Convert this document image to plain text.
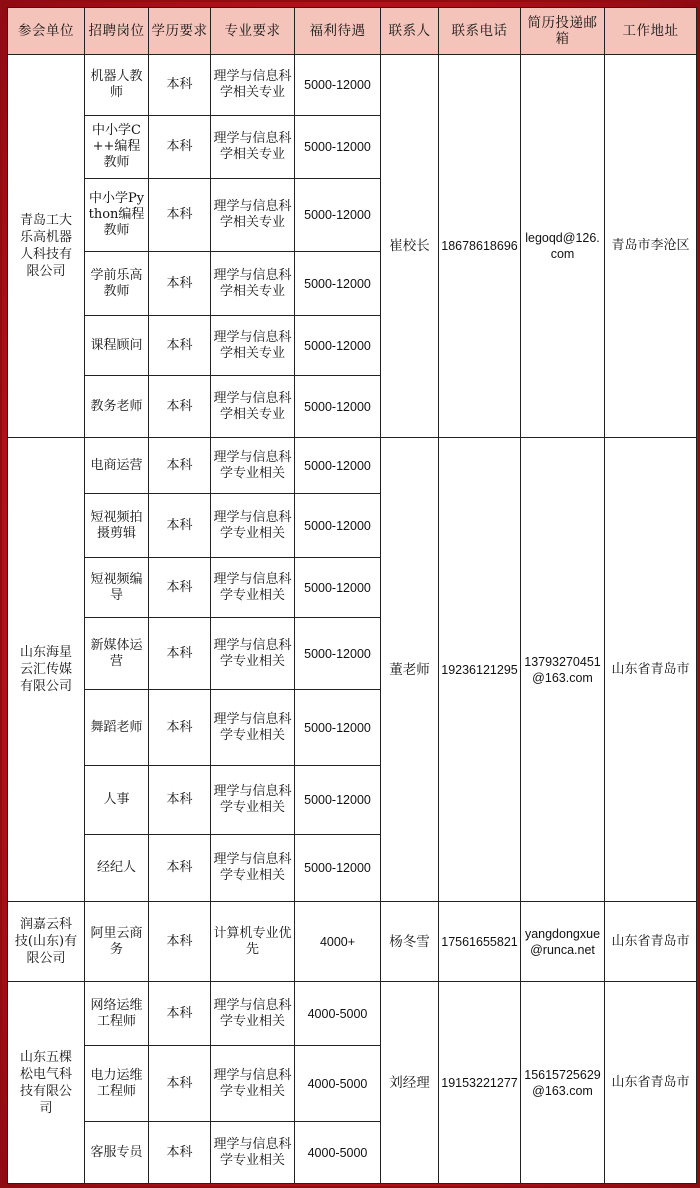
参会单位	招聘岗位	学历要求	专业要求	福利待遇	联系人	联系电话	简历投递邮箱	工作地址
青岛工大乐高机器人科技有限公司	机器人教师	本科	理学与信息科学相关专业	5000-12000	崔校长	18678618696	legoqd@126.com	青岛市李沧区
	中小学C++编程教师	本科	理学与信息科学相关专业	5000-12000				
	中小学Python编程教师	本科	理学与信息科学相关专业	5000-12000				
	学前乐高教师	本科	理学与信息科学相关专业	5000-12000				
	课程顾问	本科	理学与信息科学相关专业	5000-12000				
	教务老师	本科	理学与信息科学相关专业	5000-12000				
山东海星云汇传媒有限公司	电商运营	本科	理学与信息科学专业相关	5000-12000	董老师	19236121295	13793270451@163.com	山东省青岛市
	短视频拍摄剪辑	本科	理学与信息科学专业相关	5000-12000				
	短视频编导	本科	理学与信息科学专业相关	5000-12000				
	新媒体运营	本科	理学与信息科学专业相关	5000-12000				
	舞蹈老师	本科	理学与信息科学专业相关	5000-12000				
	人事	本科	理学与信息科学专业相关	5000-12000				
	经纪人	本科	理学与信息科学专业相关	5000-12000				
润嘉云科技(山东)有限公司	阿里云商务	本科	计算机专业优先	4000+	杨冬雪	17561655821	yangdongxue@runca.net	山东省青岛市
山东五棵松电气科技有限公司	网络运维工程师	本科	理学与信息科学专业相关	4000-5000	刘经理	19153221277	15615725629@163.com	山东省青岛市
	电力运维工程师	本科	理学与信息科学专业相关	4000-5000				
	客服专员	本科	理学与信息科学专业相关	4000-5000				
